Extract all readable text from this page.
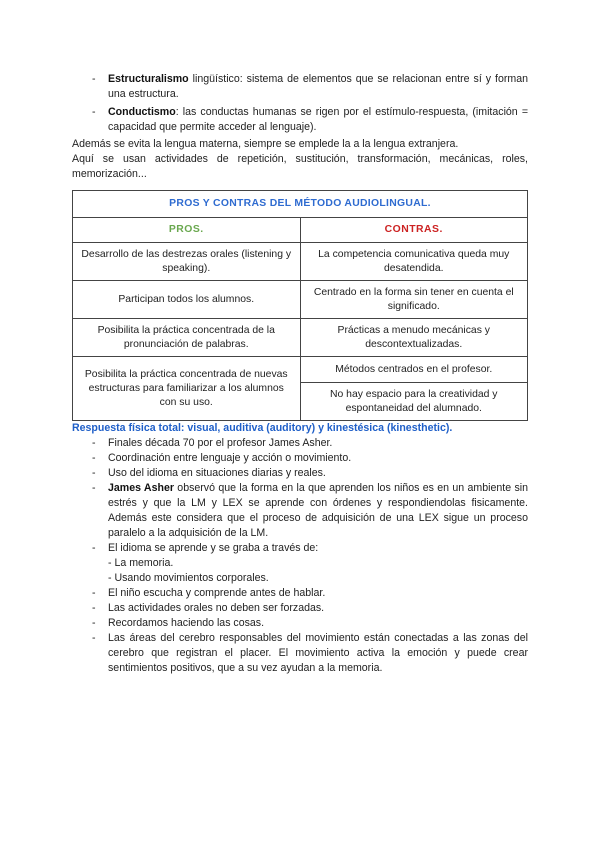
- Estructuralismo lingüístico: sistema de elementos que se relacionan entre sí y forman una estructura.
- Conductismo: las conductas humanas se rigen por el estímulo-respuesta, (imitación = capacidad que permite acceder al lenguaje).
Además se evita la lengua materna, siempre se emplede la a la lengua extranjera.
Aquí se usan actividades de repetición, sustitución, transformación, mecánicas, roles, memorización...
PROS Y CONTRAS DEL MÉTODO AUDIOLINGUAL.	
PROS.	CONTRAS.
Desarrollo de las destrezas orales (listening y speaking).	La competencia comunicativa queda muy desatendida.
Participan todos los alumnos.	Centrado en la forma sin tener en cuenta el significado.
Posibilita la práctica concentrada de la pronunciación de palabras.	Prácticas a menudo mecánicas y descontextualizadas.
Posibilita la práctica concentrada de nuevas estructuras para familiarizar a los alumnos con su uso.	Métodos centrados en el profesor.
	No hay espacio para la creatividad y espontaneidad del alumnado.
Respuesta física total: visual, auditiva (auditory) y kinestésica (kinesthetic).
- Finales década 70 por el profesor James Asher.
- Coordinación entre lenguaje y acción o movimiento.
- Uso del idioma en situaciones diarias y reales.
- James Asher observó que la forma en la que aprenden los niños es en un ambiente sin estrés y que la LM y LEX se aprende con órdenes y respondiendolas fisicamente. Además este considera que el proceso de adquisición de una LEX sigue un proceso paralelo a la adquisición de la LM.
- El idioma se aprende y se graba a través de:
- La memoria.
- Usando movimientos corporales.
- El niño escucha y comprende antes de hablar.
- Las actividades orales no deben ser forzadas.
- Recordamos haciendo las cosas.
- Las áreas del cerebro responsables del movimiento están conectadas a las zonas del cerebro que registran el placer. El movimiento activa la emoción y puede crear sentimientos positivos, que a su vez ayudan a la memoria.
